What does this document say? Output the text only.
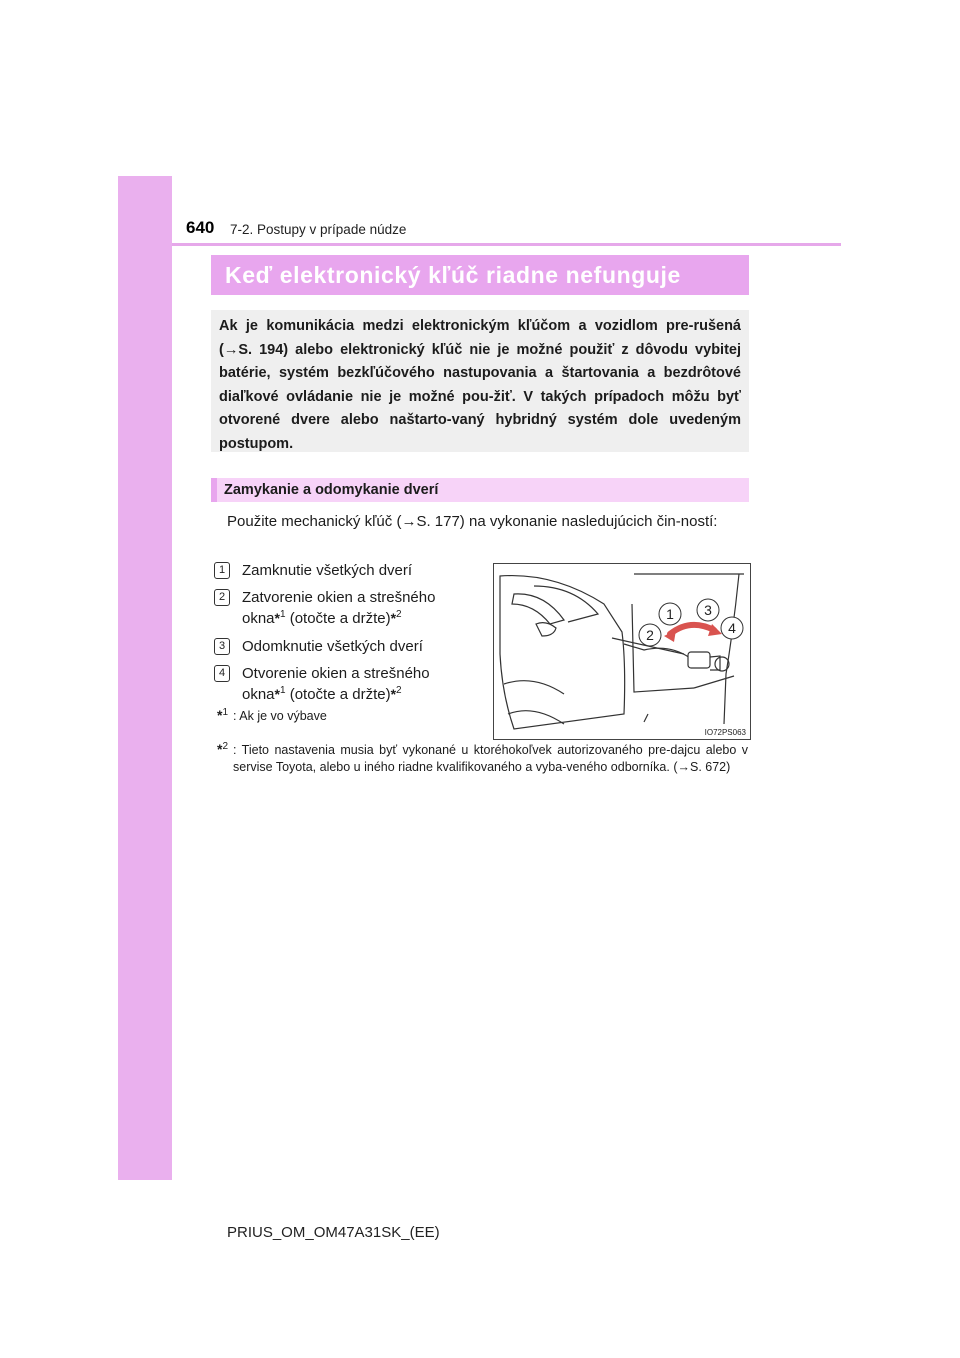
640 7-2. Postupy v prípade núdze
Keď elektronický kľúč riadne nefunguje
Ak je komunikácia medzi elektronickým kľúčom a vozidlom pre-rušená (→S. 194) alebo elektronický kľúč nie je možné použiť z dôvodu vybitej batérie, systém bezkľúčového nastupovania a štartovania a bezdrôtové diaľkové ovládanie nie je možné pou-žiť. V takých prípadoch môžu byť otvorené dvere alebo naštarto-vaný hybridný systém dole uvedeným postupom.
Zamykanie a odomykanie dverí
Použite mechanický kľúč (→S. 177) na vykonanie nasledujúcich čin-ností:
1	Zamknutie všetkých dverí
2	Zatvorenie okien a strešného
okna*$^1$ (otočte a držte)*$^2$
3	Odomknutie všetkých dverí
4	Otvorenie okien a strešného
okna*$^1$ (otočte a držte)*$^2$
1 3
2	4
IO72PS063
*$^1$ : Ak je vo výbave
*$^2$ : Tieto nastavenia musia byť vykonané u ktoréhokoľvek autorizovaného pre-dajcu alebo v servise Toyota, alebo u iného riadne kvalifikovaného a vyba-veného odborníka. (→S. 672)
PRIUS_OM_OM47A31SK_(EE)
